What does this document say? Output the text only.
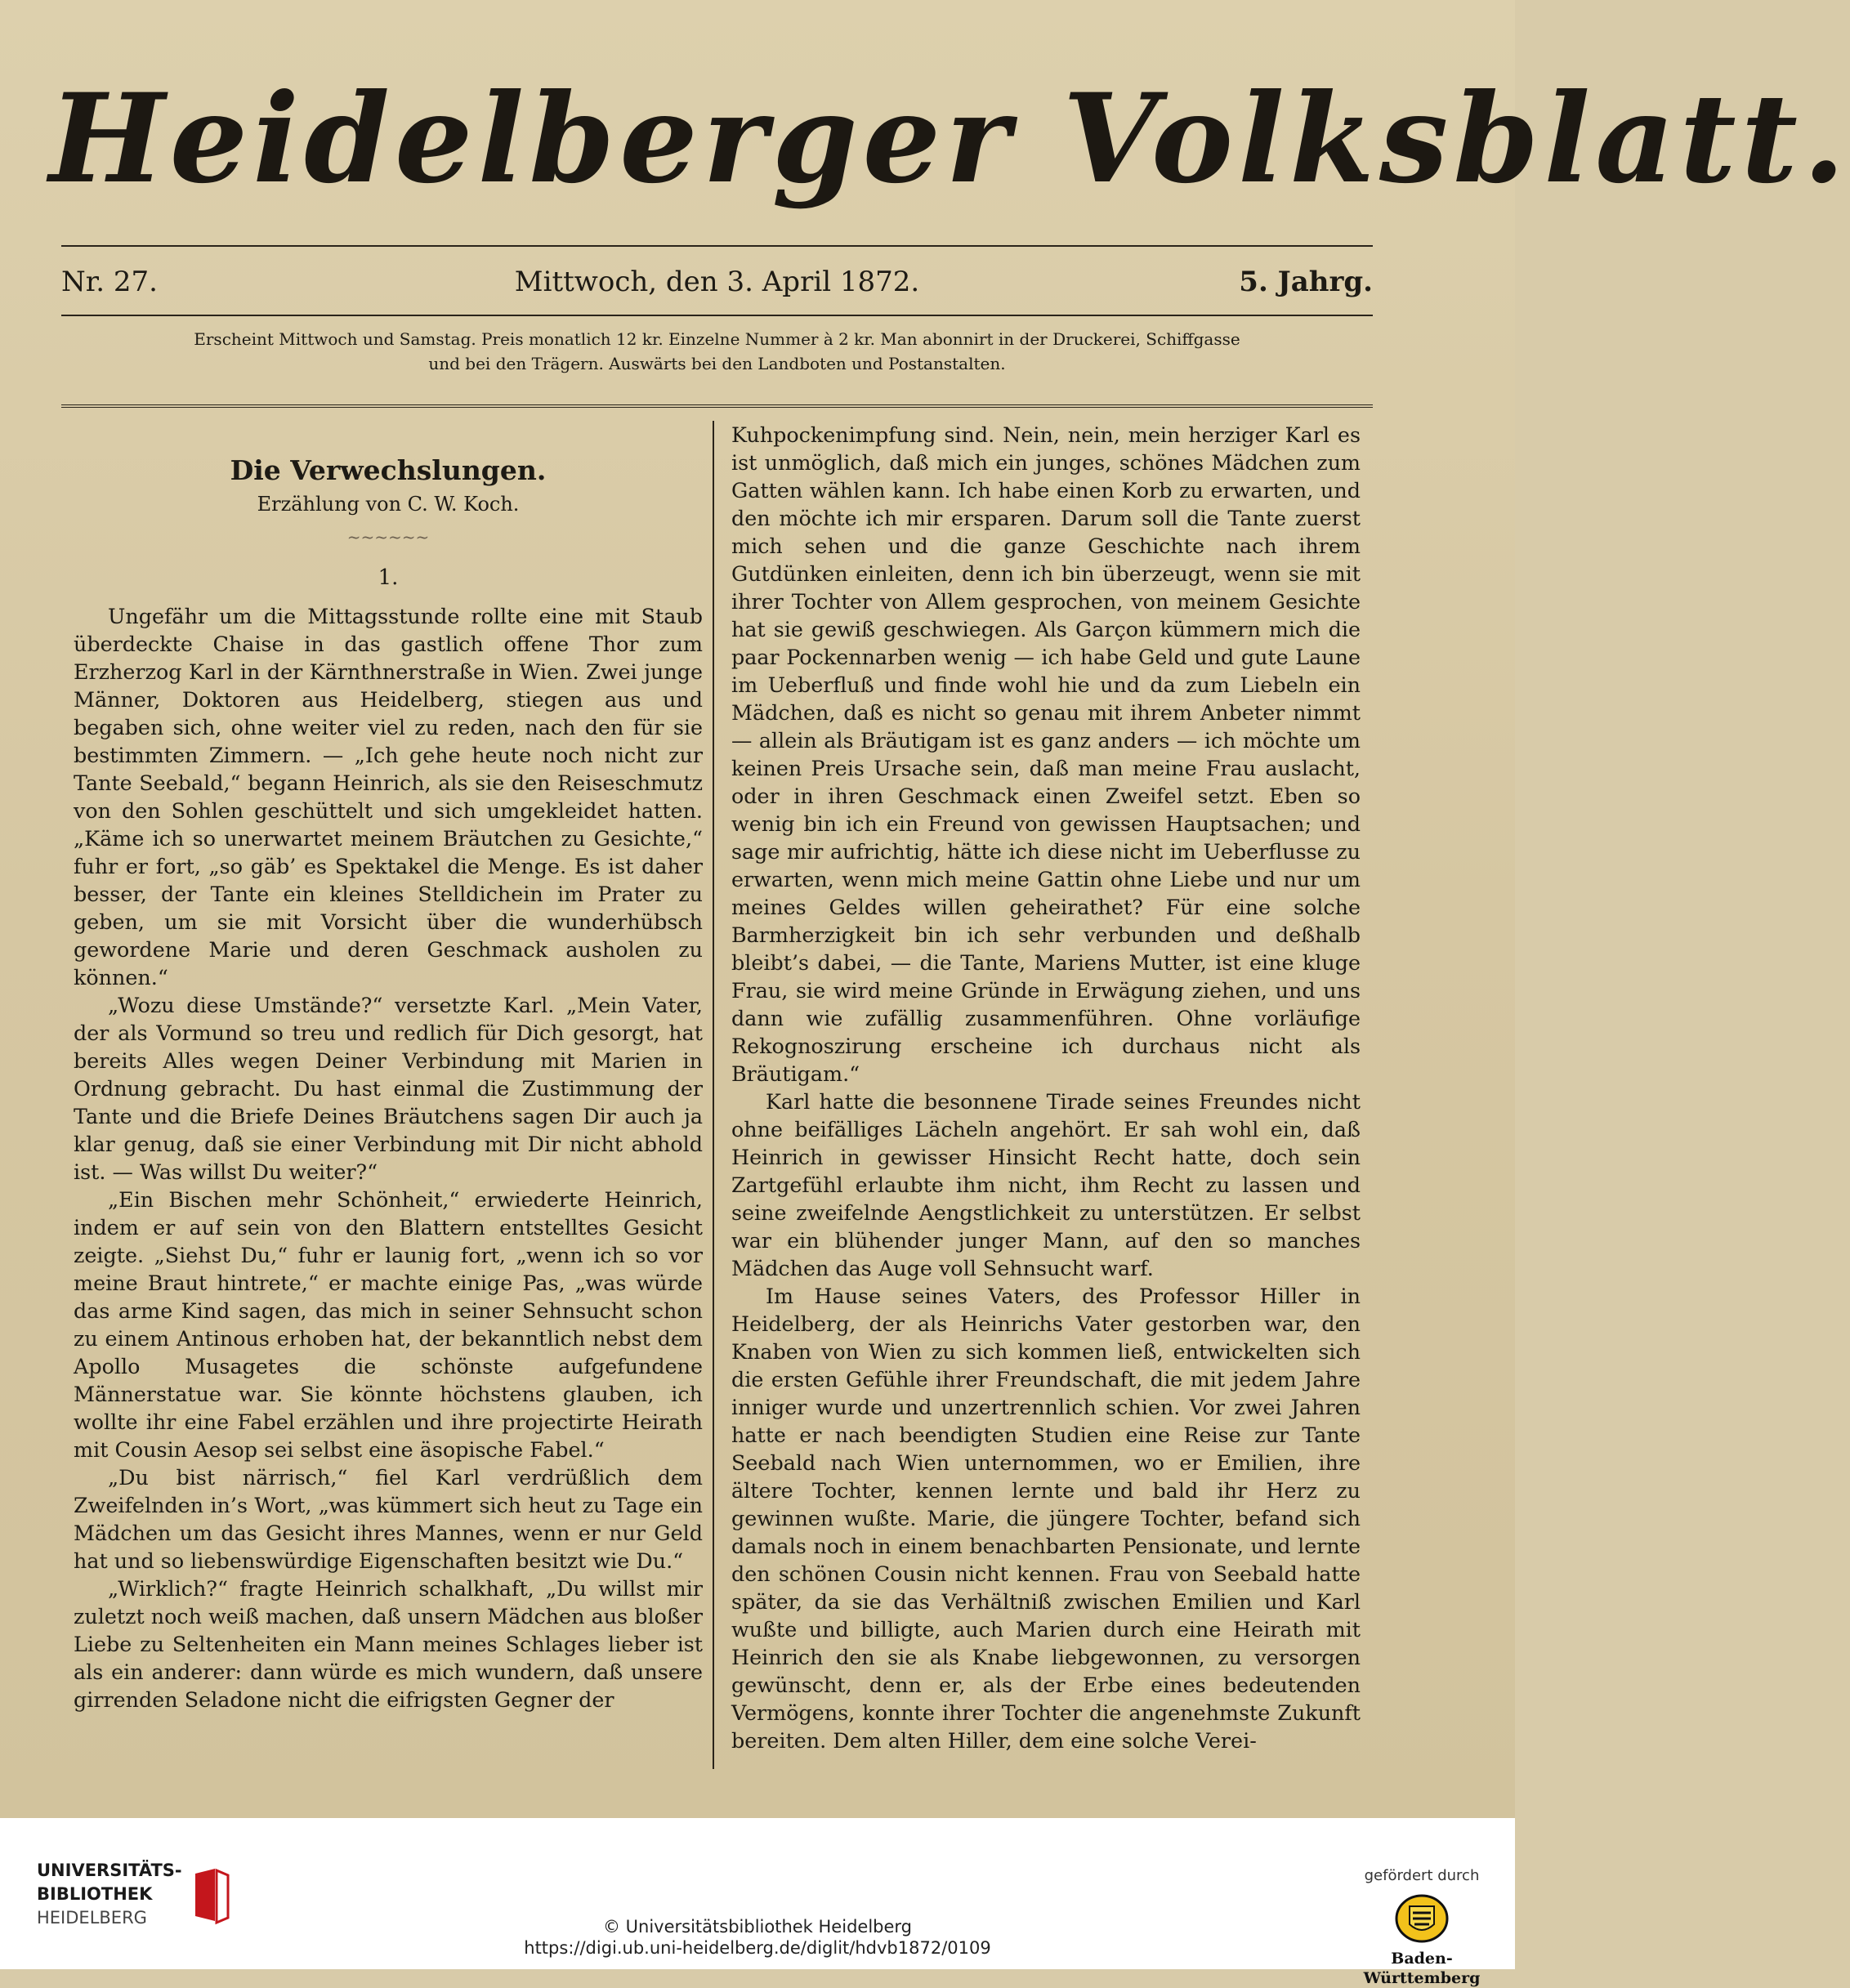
Heidelberger Volksblatt.
Nr. 27.	Mittwoch, den 3. April 1872.	5. Jahrg.
Erscheint Mittwoch und Samstag. Preis monatlich 12 kr. Einzelne Nummer à 2 kr. Man abonnirt in der Druckerei, Schiffgasse
und bei den Trägern. Auswärts bei den Landboten und Postanstalten.
Die Verwechslungen.
Erzählung von C. W. Koch.
~~~~~~
1.

Ungefähr um die Mittagsstunde rollte eine mit Staub überdeckte Chaise in das gastlich offene Thor zum Erzherzog Karl in der Kärnthnerstraße in Wien. Zwei junge Männer, Doktoren aus Heidelberg, stiegen aus und begaben sich, ohne weiter viel zu reden, nach den für sie bestimmten Zimmern. — „Ich gehe heute noch nicht zur Tante Seebald,“ begann Heinrich, als sie den Reiseschmutz von den Sohlen geschüttelt und sich umgekleidet hatten. „Käme ich so unerwartet meinem Bräutchen zu Gesichte,“ fuhr er fort, „so gäb’ es Spektakel die Menge. Es ist daher besser, der Tante ein kleines Stelldichein im Prater zu geben, um sie mit Vorsicht über die wunderhübsch gewordene Marie und deren Geschmack ausholen zu können.“

„Wozu diese Umstände?“ versetzte Karl. „Mein Vater, der als Vormund so treu und redlich für Dich gesorgt, hat bereits Alles wegen Deiner Verbindung mit Marien in Ordnung gebracht. Du hast einmal die Zustimmung der Tante und die Briefe Deines Bräutchens sagen Dir auch ja klar genug, daß sie einer Verbindung mit Dir nicht abhold ist. — Was willst Du weiter?“

„Ein Bischen mehr Schönheit,“ erwiederte Heinrich, indem er auf sein von den Blattern entstelltes Gesicht zeigte. „Siehst Du,“ fuhr er launig fort, „wenn ich so vor meine Braut hintrete,“ er machte einige Pas, „was würde das arme Kind sagen, das mich in seiner Sehnsucht schon zu einem Antinous erhoben hat, der bekanntlich nebst dem Apollo Musagetes die schönste aufgefundene Männerstatue war. Sie könnte höchstens glauben, ich wollte ihr eine Fabel erzählen und ihre projectirte Heirath mit Cousin Aesop sei selbst eine äsopische Fabel.“

„Du bist närrisch,“ fiel Karl verdrüßlich dem Zweifelnden in’s Wort, „was kümmert sich heut zu Tage ein Mädchen um das Gesicht ihres Mannes, wenn er nur Geld hat und so liebenswürdige Eigenschaften besitzt wie Du.“

„Wirklich?“ fragte Heinrich schalkhaft, „Du willst mir zuletzt noch weiß machen, daß unsern Mädchen aus bloßer Liebe zu Seltenheiten ein Mann meines Schlages lieber ist als ein anderer: dann würde es mich wundern, daß unsere girrenden Seladone nicht die eifrigsten Gegner der

Kuhpockenimpfung sind. Nein, nein, mein herziger Karl es ist unmöglich, daß mich ein junges, schönes Mädchen zum Gatten wählen kann. Ich habe einen Korb zu erwarten, und den möchte ich mir ersparen. Darum soll die Tante zuerst mich sehen und die ganze Geschichte nach ihrem Gutdünken einleiten, denn ich bin überzeugt, wenn sie mit ihrer Tochter von Allem gesprochen, von meinem Gesichte hat sie gewiß geschwiegen. Als Garçon kümmern mich die paar Pockennarben wenig — ich habe Geld und gute Laune im Ueberfluß und finde wohl hie und da zum Liebeln ein Mädchen, daß es nicht so genau mit ihrem Anbeter nimmt — allein als Bräutigam ist es ganz anders — ich möchte um keinen Preis Ursache sein, daß man meine Frau auslacht, oder in ihren Geschmack einen Zweifel setzt. Eben so wenig bin ich ein Freund von gewissen Hauptsachen; und sage mir aufrichtig, hätte ich diese nicht im Ueberflusse zu erwarten, wenn mich meine Gattin ohne Liebe und nur um meines Geldes willen geheirathet? Für eine solche Barmherzigkeit bin ich sehr verbunden und deßhalb bleibt’s dabei, — die Tante, Mariens Mutter, ist eine kluge Frau, sie wird meine Gründe in Erwägung ziehen, und uns dann wie zufällig zusammenführen. Ohne vorläufige Rekognoszirung erscheine ich durchaus nicht als Bräutigam.“

Karl hatte die besonnene Tirade seines Freundes nicht ohne beifälliges Lächeln angehört. Er sah wohl ein, daß Heinrich in gewisser Hinsicht Recht hatte, doch sein Zartgefühl erlaubte ihm nicht, ihm Recht zu lassen und seine zweifelnde Aengstlichkeit zu unterstützen. Er selbst war ein blühender junger Mann, auf den so manches Mädchen das Auge voll Sehnsucht warf.

Im Hause seines Vaters, des Professor Hiller in Heidelberg, der als Heinrichs Vater gestorben war, den Knaben von Wien zu sich kommen ließ, entwickelten sich die ersten Gefühle ihrer Freundschaft, die mit jedem Jahre inniger wurde und unzertrennlich schien. Vor zwei Jahren hatte er nach beendigten Studien eine Reise zur Tante Seebald nach Wien unternommen, wo er Emilien, ihre ältere Tochter, kennen lernte und bald ihr Herz zu gewinnen wußte. Marie, die jüngere Tochter, befand sich damals noch in einem benachbarten Pensionate, und lernte den schönen Cousin nicht kennen. Frau von Seebald hatte später, da sie das Verhältniß zwischen Emilien und Karl wußte und billigte, auch Marien durch eine Heirath mit Heinrich den sie als Knabe liebgewonnen, zu versorgen gewünscht, denn er, als der Erbe eines bedeutenden Vermögens, konnte ihrer Tochter die angenehmste Zukunft bereiten. Dem alten Hiller, dem eine solche Verei-

UNIVERSITÄTS-
BIBLIOTHEK
HEIDELBERG	© Universitätsbibliothek Heidelberg
https://digi.ub.uni-heidelberg.de/diglit/hdvb1872/0109
gefördert durch
Baden-Württemberg
